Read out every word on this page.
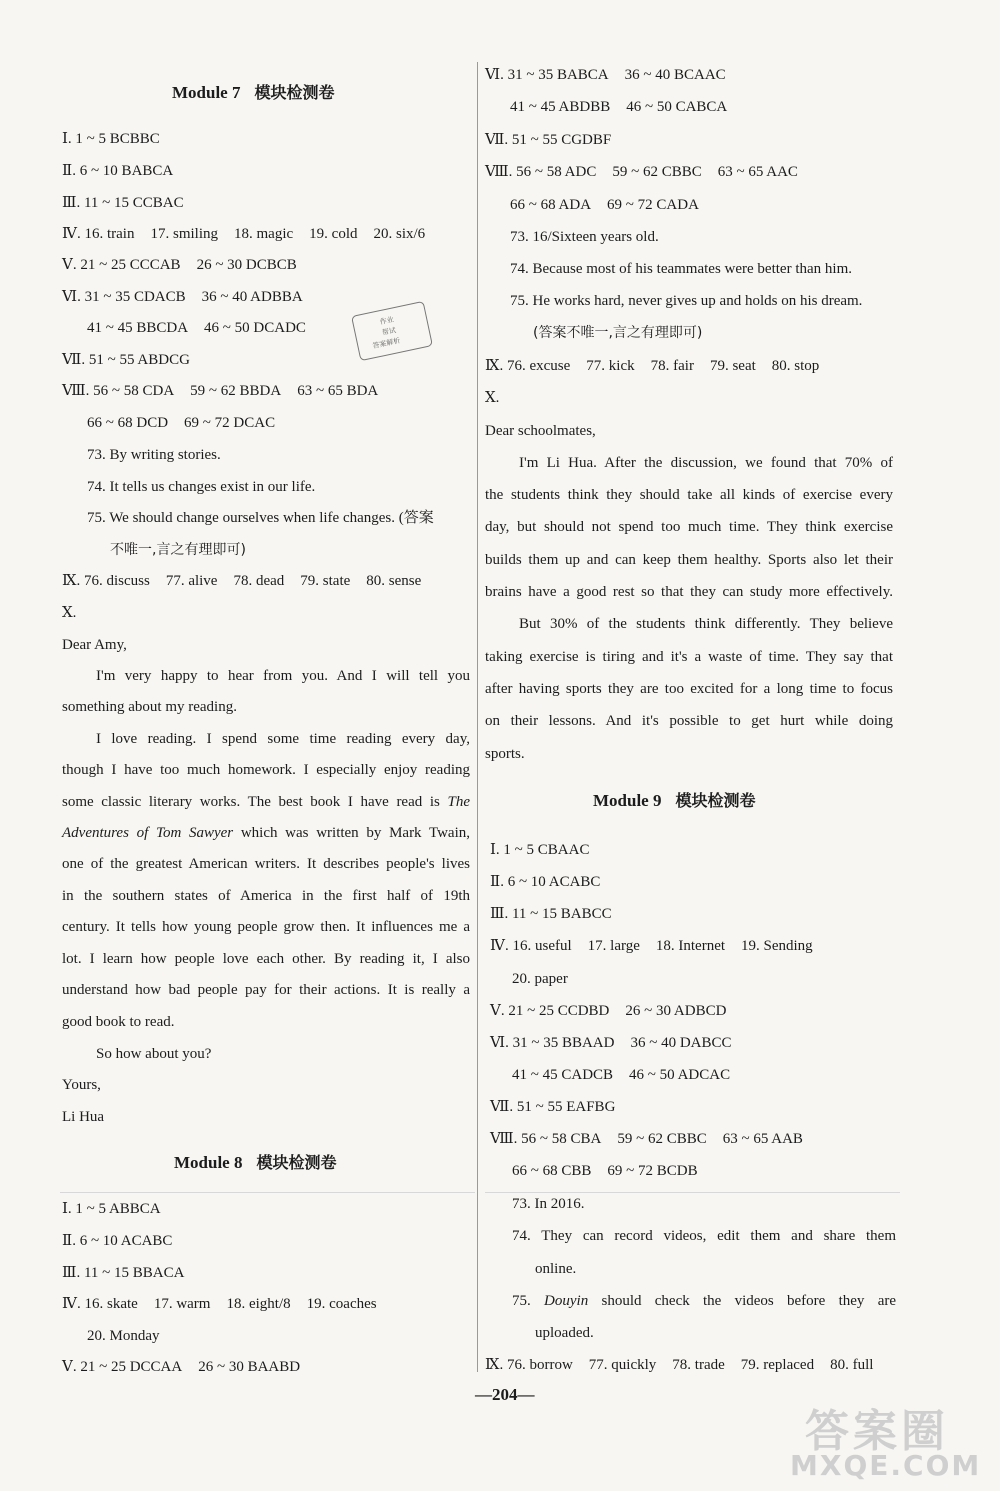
Module 7 模块检测卷
Ⅰ. 1 ~ 5 BCBBC
Ⅱ. 6 ~ 10 BABCA
Ⅲ. 11 ~ 15 CCBAC
Ⅳ. 16. train 17. smiling 18. magic 19. cold 20. six/6
Ⅴ. 21 ~ 25 CCCAB 26 ~ 30 DCBCB
Ⅵ. 31 ~ 35 CDACB 36 ~ 40 ADBBA
41 ~ 45 BBCDA 46 ~ 50 DCADC
Ⅶ. 51 ~ 55 ABDCG
Ⅷ. 56 ~ 58 CDA 59 ~ 62 BBDA 63 ~ 65 BDA
66 ~ 68 DCD 69 ~ 72 DCAC
73. By writing stories.
74. It tells us changes exist in our life.
75. We should change ourselves when life changes. (答案
不唯一,言之有理即可)
Ⅸ. 76. discuss 77. alive 78. dead 79. state 80. sense
Ⅹ.
Dear Amy,
I'm very happy to hear from you. And I will tell you
something about my reading.
I love reading. I spend some time reading every day,
though I have too much homework. I especially enjoy reading
some classic literary works. The best book I have read is The
Adventures of Tom Sawyer which was written by Mark Twain,
one of the greatest American writers. It describes people's lives
in the southern states of America in the first half of 19th
century. It tells how young people grow then. It influences me a
lot. I learn how people love each other. By reading it, I also
understand how bad people pay for their actions. It is really a
good book to read.
So how about you?
Yours,
Li Hua
Module 8 模块检测卷
Ⅰ. 1 ~ 5 ABBCA
Ⅱ. 6 ~ 10 ACABC
Ⅲ. 11 ~ 15 BBACA
Ⅳ. 16. skate 17. warm 18. eight/8 19. coaches
20. Monday
Ⅴ. 21 ~ 25 DCCAA 26 ~ 30 BAABD
作业
帮试
答案解析
Ⅵ. 31 ~ 35 BABCA 36 ~ 40 BCAAC
41 ~ 45 ABDBB 46 ~ 50 CABCA
Ⅶ. 51 ~ 55 CGDBF
Ⅷ. 56 ~ 58 ADC 59 ~ 62 CBBC 63 ~ 65 AAC
66 ~ 68 ADA 69 ~ 72 CADA
73. 16/Sixteen years old.
74. Because most of his teammates were better than him.
75. He works hard, never gives up and holds on his dream.
(答案不唯一,言之有理即可)
Ⅸ. 76. excuse 77. kick 78. fair 79. seat 80. stop
Ⅹ.
Dear schoolmates,
I'm Li Hua. After the discussion, we found that 70% of
the students think they should take all kinds of exercise every
day, but should not spend too much time. They think exercise
builds them up and can keep them healthy. Sports also let their
brains have a good rest so that they can study more effectively.
But 30% of the students think differently. They believe
taking exercise is tiring and it's a waste of time. They say that
after having sports they are too excited for a long time to focus
on their lessons. And it's possible to get hurt while doing
sports.
Module 9 模块检测卷
Ⅰ. 1 ~ 5 CBAAC
Ⅱ. 6 ~ 10 ACABC
Ⅲ. 11 ~ 15 BABCC
Ⅳ. 16. useful 17. large 18. Internet 19. Sending
20. paper
Ⅴ. 21 ~ 25 CCDBD 26 ~ 30 ADBCD
Ⅵ. 31 ~ 35 BBAAD 36 ~ 40 DABCC
41 ~ 45 CADCB 46 ~ 50 ADCAC
Ⅶ. 51 ~ 55 EAFBG
Ⅷ. 56 ~ 58 CBA 59 ~ 62 CBBC 63 ~ 65 AAB
66 ~ 68 CBB 69 ~ 72 BCDB
73. In 2016.
74. They can record videos, edit them and share them
online.
75. Douyin should check the videos before they are
uploaded.
Ⅸ. 76. borrow 77. quickly 78. trade 79. replaced 80. full
—204—
答案圈
MXQE.COM
